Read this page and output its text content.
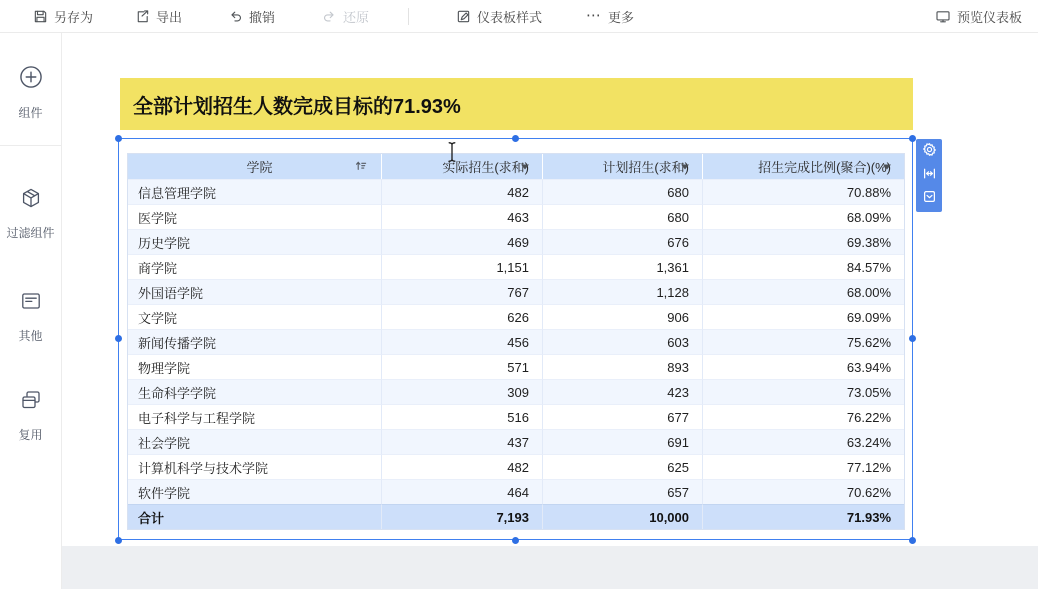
另存为	导出	撤销	还原	仪表板样式	⋯ 更多	预览仪表板
组件
过滤组件
其他
复用
全部计划招生人数完成目标的71.93%
学院	实际招生(求和)	计划招生(求和)	招生完成比例(聚合)(%)
信息管理学院	482	680	70.88%
医学院	463	680	68.09%
历史学院	469	676	69.38%
商学院	1,151	1,361	84.57%
外国语学院	767	1,128	68.00%
文学院	626	906	69.09%
新闻传播学院	456	603	75.62%
物理学院	571	893	63.94%
生命科学学院	309	423	73.05%
电子科学与工程学院	516	677	76.22%
社会学院	437	691	63.24%
计算机科学与技术学院	482	625	77.12%
软件学院	464	657	70.62%
合计	7,193	10,000	71.93%
